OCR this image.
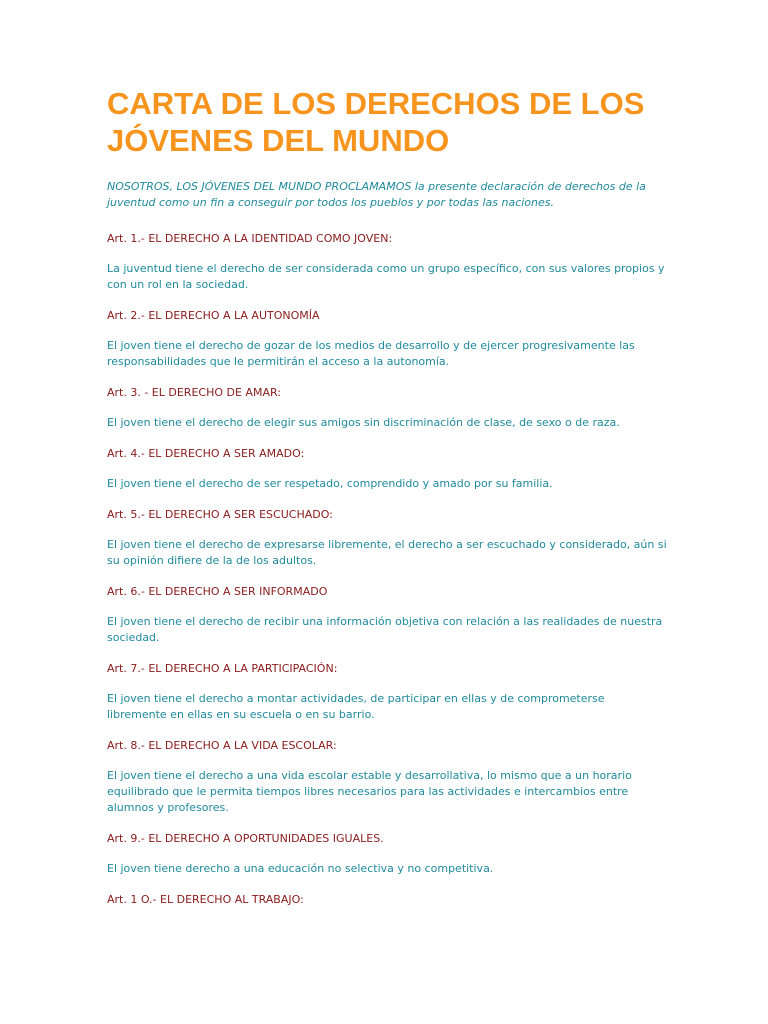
CARTA DE LOS DERECHOS DE LOS JÓVENES DEL MUNDO

NOSOTROS, LOS JÓVENES DEL MUNDO PROCLAMAMOS la presente declaración de derechos de la juventud como un fin a conseguir por todos los pueblos y por todas las naciones.

Art. 1.- EL DERECHO A LA IDENTIDAD COMO JOVEN:

La juventud tiene el derecho de ser considerada como un grupo específico, con sus valores propios y con un rol en la sociedad.

Art. 2.- EL DERECHO A LA AUTONOMÍA

El joven tiene el derecho de gozar de los medios de desarrollo y de ejercer progresivamente las responsabilidades que le permitirán el acceso a la autonomía.

Art. 3. - EL DERECHO DE AMAR:

El joven tiene el derecho de elegir sus amigos sin discriminación de clase, de sexo o de raza.

Art. 4.- EL DERECHO A SER AMADO:

El joven tiene el derecho de ser respetado, comprendido y amado por su familia.

Art. 5.- EL DERECHO A SER ESCUCHADO:

El joven tiene el derecho de expresarse libremente, el derecho a ser escuchado y considerado, aún si su opinión difiere de la de los adultos.

Art. 6.- EL DERECHO A SER INFORMADO

El joven tiene el derecho de recibir una información objetiva con relación a las realidades de nuestra sociedad.

Art. 7.- EL DERECHO A LA PARTICIPACIÓN:

El joven tiene el derecho a montar actividades, de participar en ellas y de comprometerse libremente en ellas en su escuela o en su barrio.

Art. 8.- EL DERECHO A LA VIDA ESCOLAR:

El joven tiene el derecho a una vida escolar estable y desarrollativa, lo mismo que a un horario equilibrado que le permita tiempos libres necesarios para las actividades e intercambios entre alumnos y profesores.

Art. 9.- EL DERECHO A OPORTUNIDADES IGUALES.

El joven tiene derecho a una educación no selectiva y no competitiva.

Art. 1 O.- EL DERECHO AL TRABAJO:
